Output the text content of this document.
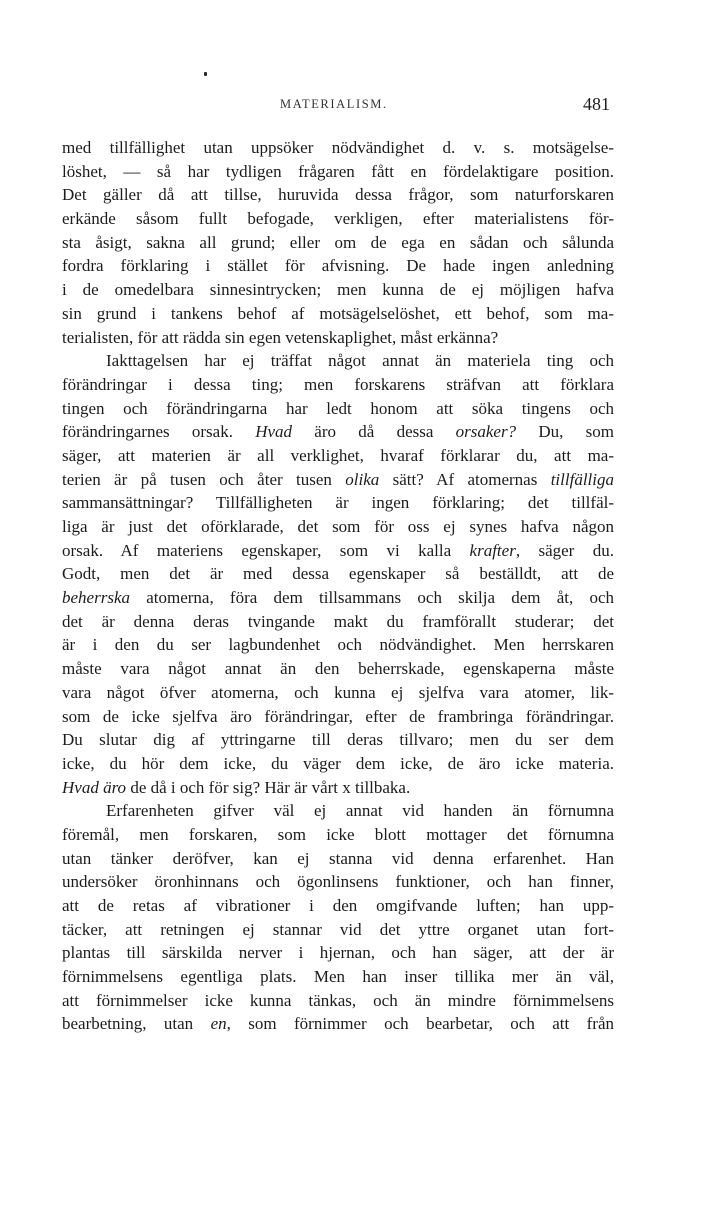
MATERIALISM.	481
med tillfällighet utan uppsöker nödvändighet d. v. s. motsägelse-
löshet, — så har tydligen frågaren fått en fördelaktigare position.
Det gäller då att tillse, huruvida dessa frågor, som naturforskaren
erkände såsom fullt befogade, verkligen, efter materialistens för-
sta åsigt, sakna all grund; eller om de ega en sådan och sålunda
fordra förklaring i stället för afvisning. De hade ingen anledning
i de omedelbara sinnesintrycken; men kunna de ej möjligen hafva
sin grund i tankens behof af motsägelselöshet, ett behof, som ma-
terialisten, för att rädda sin egen vetenskaplighet, måst erkänna?
Iakttagelsen har ej träffat något annat än materiela ting och
förändringar i dessa ting; men forskarens sträfvan att förklara
tingen och förändringarna har ledt honom att söka tingens och
förändringarnes orsak. Hvad äro då dessa orsaker? Du, som
säger, att materien är all verklighet, hvaraf förklarar du, att ma-
terien är på tusen och åter tusen olika sätt? Af atomernas tillfälliga
sammansättningar? Tillfälligheten är ingen förklaring; det tillfäl-
liga är just det oförklarade, det som för oss ej synes hafva någon
orsak. Af materiens egenskaper, som vi kalla krafter, säger du.
Godt, men det är med dessa egenskaper så beställdt, att de
beherrska atomerna, föra dem tillsammans och skilja dem åt, och
det är denna deras tvingande makt du framförallt studerar; det
är i den du ser lagbundenhet och nödvändighet. Men herrskaren
måste vara något annat än den beherrskade, egenskaperna måste
vara något öfver atomerna, och kunna ej sjelfva vara atomer, lik-
som de icke sjelfva äro förändringar, efter de frambringa förändringar.
Du slutar dig af yttringarne till deras tillvaro; men du ser dem
icke, du hör dem icke, du väger dem icke, de äro icke materia.
Hvad äro de då i och för sig? Här är vårt x tillbaka.
Erfarenheten gifver väl ej annat vid handen än förnumna
föremål, men forskaren, som icke blott mottager det förnumna
utan tänker deröfver, kan ej stanna vid denna erfarenhet. Han
undersöker öronhinnans och ögonlinsens funktioner, och han finner,
att de retas af vibrationer i den omgifvande luften; han upp-
täcker, att retningen ej stannar vid det yttre organet utan fort-
plantas till särskilda nerver i hjernan, och han säger, att der är
förnimmelsens egentliga plats. Men han inser tillika mer än väl,
att förnimmelser icke kunna tänkas, och än mindre förnimmelsens
bearbetning, utan en, som förnimmer och bearbetar, och att från
